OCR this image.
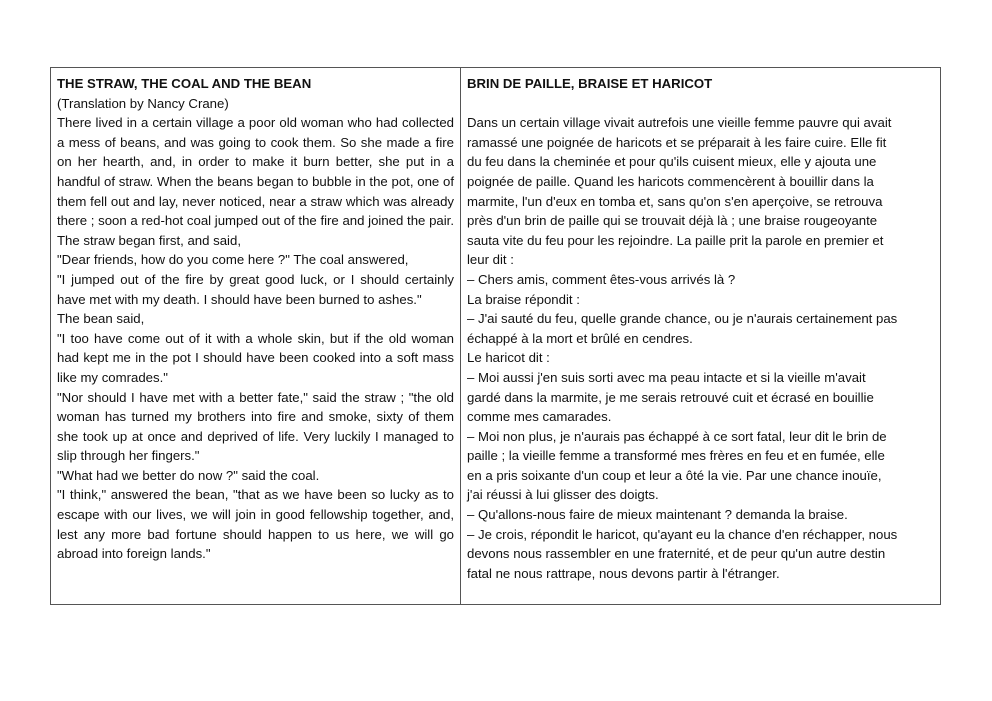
THE STRAW, THE COAL AND THE BEAN
(Translation by Nancy Crane)
There lived in a certain village a poor old woman who had collected a mess of beans, and was going to cook them. So she made a fire on her hearth, and, in order to make it burn better, she put in a handful of straw. When the beans began to bubble in the pot, one of them fell out and lay, never noticed, near a straw which was already there ; soon a red-hot coal jumped out of the fire and joined the pair. The straw began first, and said,
"Dear friends, how do you come here ?" The coal answered,
"I jumped out of the fire by great good luck, or I should certainly have met with my death. I should have been burned to ashes."
The bean said,
"I too have come out of it with a whole skin, but if the old woman had kept me in the pot I should have been cooked into a soft mass like my comrades."
"Nor should I have met with a better fate," said the straw ; "the old woman has turned my brothers into fire and smoke, sixty of them she took up at once and deprived of life. Very luckily I managed to slip through her fingers."
"What had we better do now ?" said the coal.
"I think," answered the bean, "that as we have been so lucky as to escape with our lives, we will join in good fellowship together, and, lest any more bad fortune should happen to us here, we will go abroad into foreign lands."
BRIN DE PAILLE, BRAISE ET HARICOT
Dans un certain village vivait autrefois une vieille femme pauvre qui avait
ramassé une poignée de haricots et se préparait à les faire cuire. Elle fit
du feu dans la cheminée et pour qu'ils cuisent mieux, elle y ajouta une
poignée de paille. Quand les haricots commencèrent à bouillir dans la
marmite, l'un d'eux en tomba et, sans qu'on s'en aperçoive, se retrouva
près d'un brin de paille qui se trouvait déjà là ; une braise rougeoyante
sauta vite du feu pour les rejoindre. La paille prit la parole en premier et
leur dit :
– Chers amis, comment êtes-vous arrivés là ?
La braise répondit :
– J'ai sauté du feu, quelle grande chance, ou je n'aurais certainement pas
échappé à la mort et brûlé en cendres.
Le haricot dit :
– Moi aussi j'en suis sorti avec ma peau intacte et si la vieille m'avait
gardé dans la marmite, je me serais retrouvé cuit et écrasé en bouillie
comme mes camarades.
– Moi non plus, je n'aurais pas échappé à ce sort fatal, leur dit le brin de
paille ; la vieille femme a transformé mes frères en feu et en fumée, elle
en a pris soixante d'un coup et leur a ôté la vie. Par une chance inouïe,
j'ai réussi à lui glisser des doigts.
– Qu'allons-nous faire de mieux maintenant ? demanda la braise.
– Je crois, répondit le haricot, qu'ayant eu la chance d'en réchapper, nous
devons nous rassembler en une fraternité, et de peur qu'un autre destin
fatal ne nous rattrape, nous devons partir à l'étranger.
